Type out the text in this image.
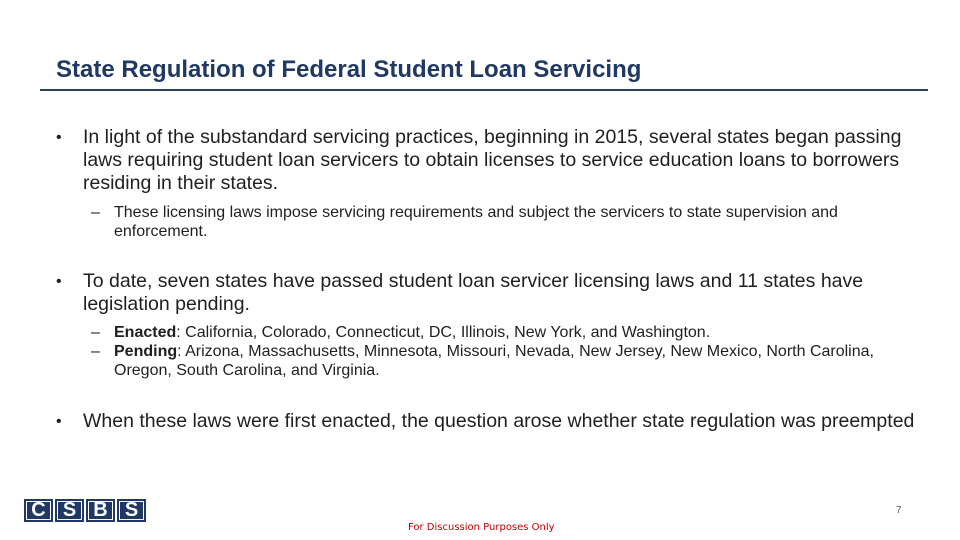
State Regulation of Federal Student Loan Servicing

• In light of the substandard servicing practices, beginning in 2015, several states began passing laws requiring student loan servicers to obtain licenses to service education loans to borrowers residing in their states.

– These licensing laws impose servicing requirements and subject the servicers to state supervision and enforcement.

• To date, seven states have passed student loan servicer licensing laws and 11 states have legislation pending.

– Enacted: California, Colorado, Connecticut, DC, Illinois, New York, and Washington.
– Pending: Arizona, Massachusetts, Minnesota, Missouri, Nevada, New Jersey, New Mexico, North Carolina, Oregon, South Carolina, and Virginia.

• When these laws were first enacted, the question arose whether state regulation was preempted

C S B S	7
For Discussion Purposes Only
